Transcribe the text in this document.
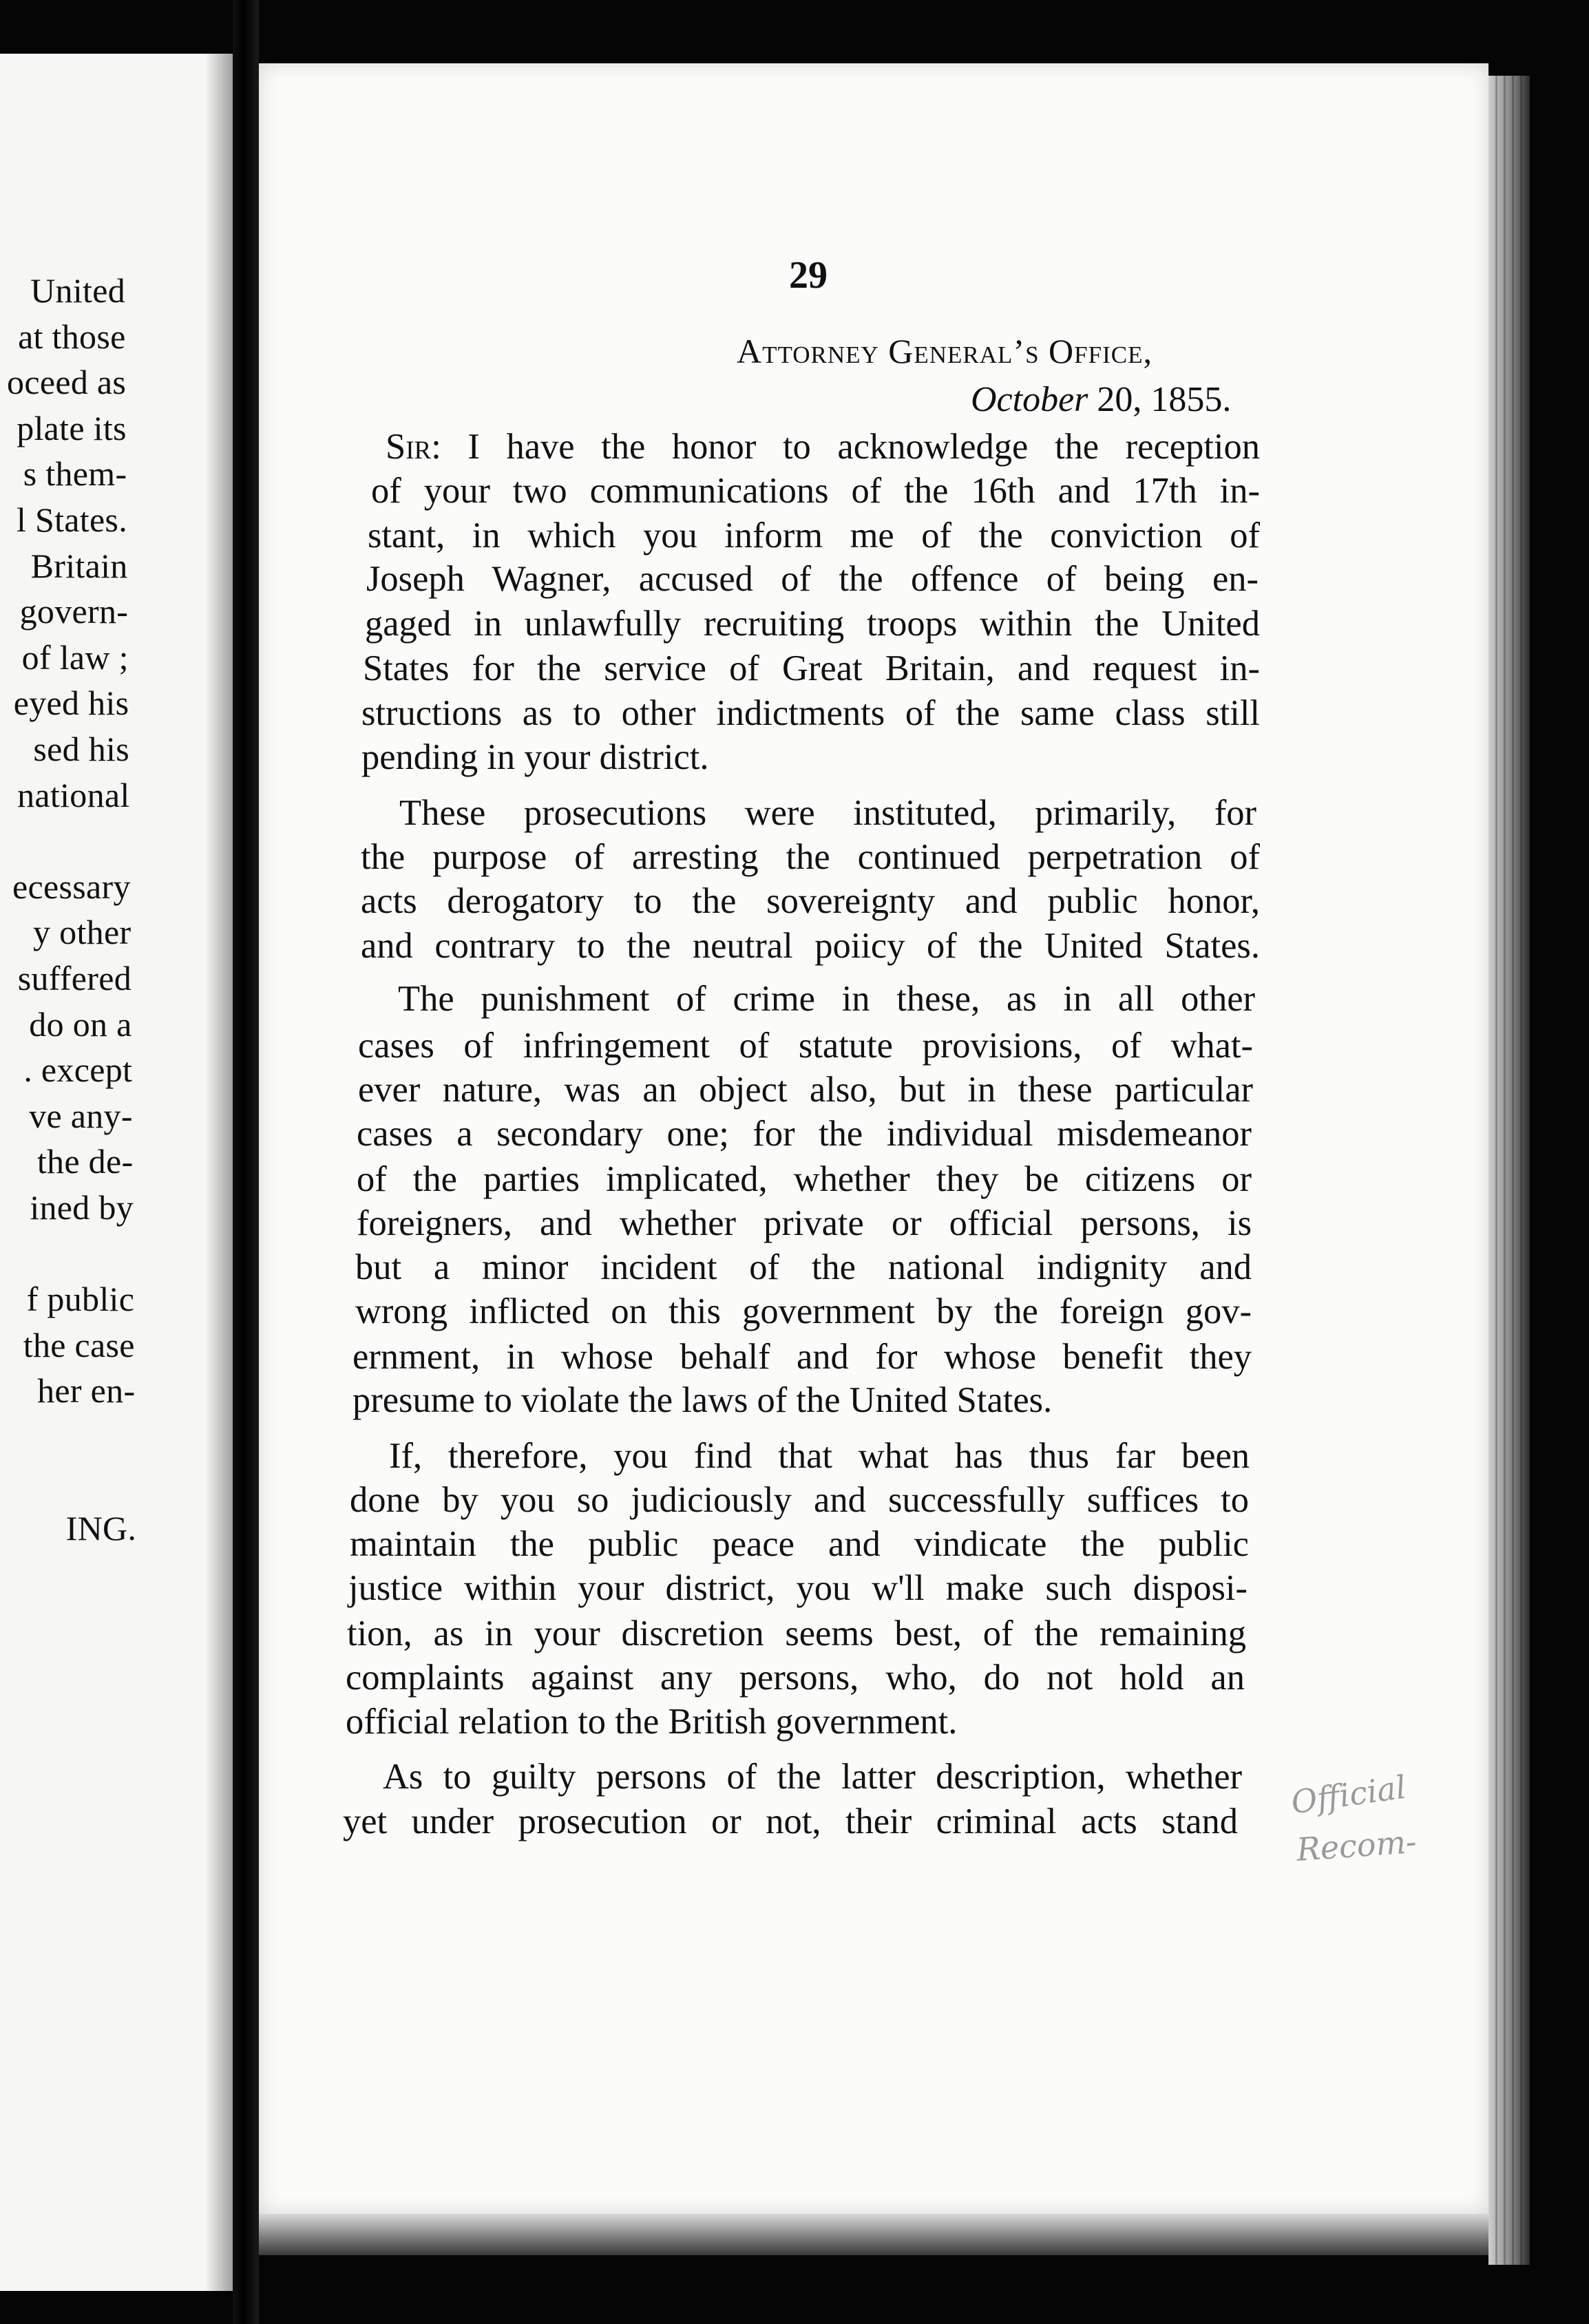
United
at those
oceed as
plate its
s them-
l States.
Britain
govern-
of law ;
eyed his
sed his
national
ecessary
y other
suffered
do on a
. except
ve any-
the de-
ined by
f public
the case
her en-
ING.
29
Attorney General’s Office,
October 20, 1855.
Sir: I have the honor to acknowledge the reception
of your two communications of the 16th and 17th in-
stant, in which you inform me of the conviction of
Joseph Wagner, accused of the offence of being en-
gaged in unlawfully recruiting troops within the United
States for the service of Great Britain, and request in-
structions as to other indictments of the same class still
pending in your district.
These prosecutions were instituted, primarily, for
the purpose of arresting the continued perpetration of
acts derogatory to the sovereignty and public honor,
and contrary to the neutral poiicy of the United States.
The punishment of crime in these, as in all other
cases of infringement of statute provisions, of what-
ever nature, was an object also, but in these particular
cases a secondary one; for the individual misdemeanor
of the parties implicated, whether they be citizens or
foreigners, and whether private or official persons, is
but a minor incident of the national indignity and
wrong inflicted on this government by the foreign gov-
ernment, in whose behalf and for whose benefit they
presume to violate the laws of the United States.
If, therefore, you find that what has thus far been
done by you so judiciously and successfully suffices to
maintain the public peace and vindicate the public
justice within your district, you w'll make such disposi-
tion, as in your discretion seems best, of the remaining
complaints against any persons, who, do not hold an
official relation to the British government.
As to guilty persons of the latter description, whether
yet under prosecution or not, their criminal acts stand
Official
Recom-
